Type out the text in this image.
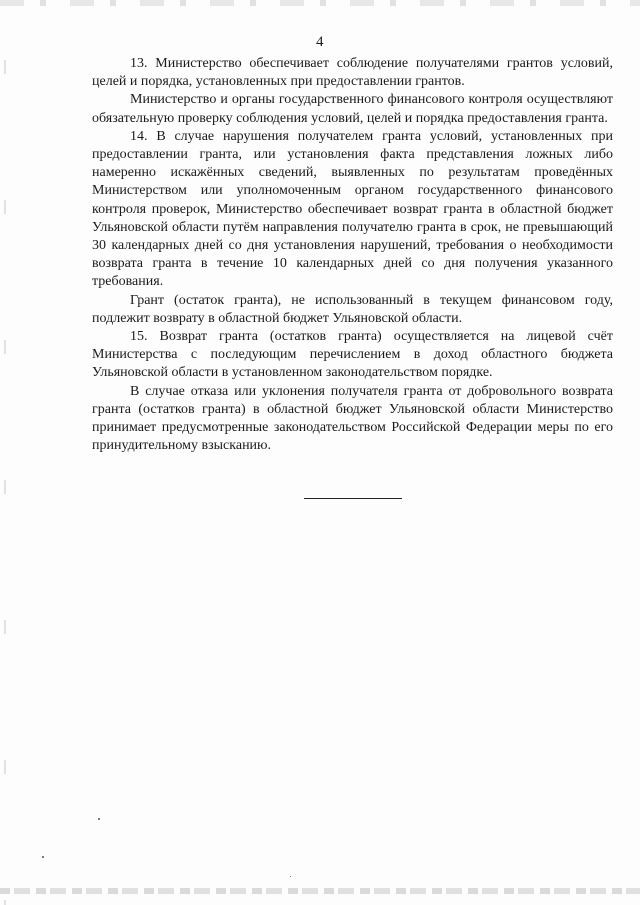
4

13. Министерство обеспечивает соблюдение получателями грантов условий, целей и порядка, установленных при предоставлении грантов.

Министерство и органы государственного финансового контроля осуществляют обязательную проверку соблюдения условий, целей и порядка предоставления гранта.

14. В случае нарушения получателем гранта условий, установленных при предоставлении гранта, или установления факта представления ложных либо намеренно искажённых сведений, выявленных по результатам проведённых Министерством или уполномоченным органом государственного финансового контроля проверок, Министерство обеспечивает возврат гранта в областной бюджет Ульяновской области путём направления получателю гранта в срок, не превышающий 30 календарных дней со дня установления нарушений, требования о необходимости возврата гранта в течение 10 календарных дней со дня получения указанного требования.

Грант (остаток гранта), не использованный в текущем финансовом году, подлежит возврату в областной бюджет Ульяновской области.

15. Возврат гранта (остатков гранта) осуществляется на лицевой счёт Министерства с последующим перечислением в доход областного бюджета Ульяновской области в установленном законодательством порядке.

В случае отказа или уклонения получателя гранта от добровольного возврата гранта (остатков гранта) в областной бюджет Ульяновской области Министерство принимает предусмотренные законодательством Российской Федерации меры по его принудительному взысканию.
